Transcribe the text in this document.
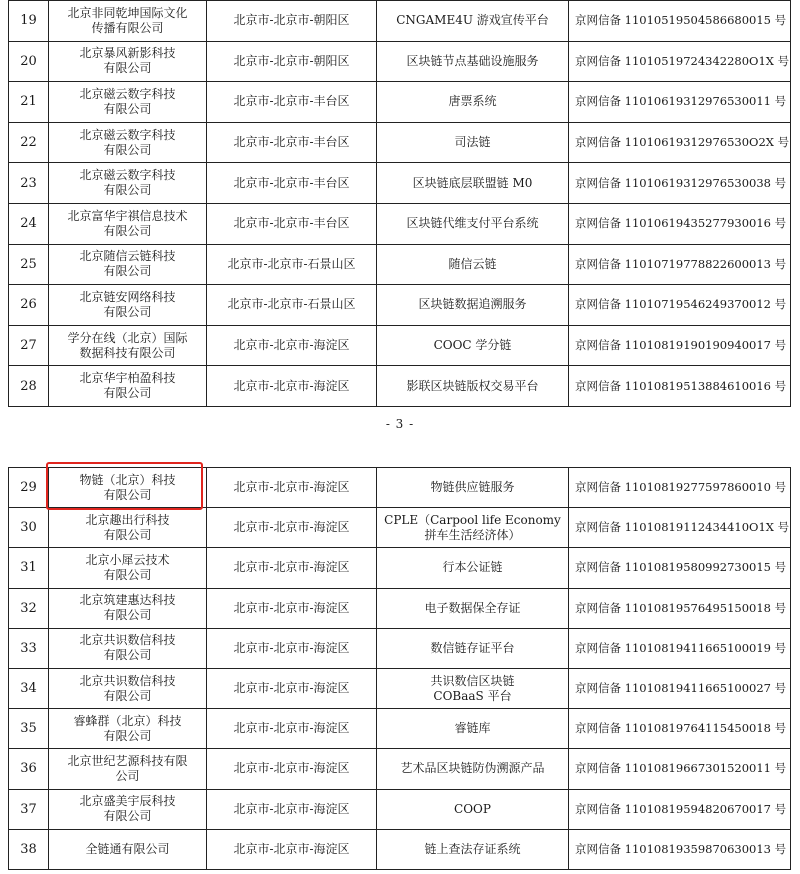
19	北京非同乾坤国际文化
传播有限公司	北京市-北京市-朝阳区	CNGAME4U 游戏宣传平台	京网信备 11010519504586680015 号
20	北京暴风新影科技
有限公司	北京市-北京市-朝阳区	区块链节点基础设施服务	京网信备 11010519724342280O1X 号
21	北京磁云数字科技
有限公司	北京市-北京市-丰台区	唐票系统	京网信备 11010619312976530011 号
22	北京磁云数字科技
有限公司	北京市-北京市-丰台区	司法链	京网信备 11010619312976530O2X 号
23	北京磁云数字科技
有限公司	北京市-北京市-丰台区	区块链底层联盟链 M0	京网信备 11010619312976530038 号
24	北京富华宇祺信息技术
有限公司	北京市-北京市-丰台区	区块链代维支付平台系统	京网信备 11010619435277930016 号
25	北京随信云链科技
有限公司	北京市-北京市-石景山区	随信云链	京网信备 11010719778822600013 号
26	北京链安网络科技
有限公司	北京市-北京市-石景山区	区块链数据追溯服务	京网信备 11010719546249370012 号
27	学分在线（北京）国际
数据科技有限公司	北京市-北京市-海淀区	COOC 学分链	京网信备 11010819190190940017 号
28	北京华宇柏盈科技
有限公司	北京市-北京市-海淀区	影联区块链版权交易平台	京网信备 11010819513884610016 号
- 3 -
29	物链（北京）科技
有限公司	北京市-北京市-海淀区	物链供应链服务	京网信备 11010819277597860010 号
30	北京趣出行科技
有限公司	北京市-北京市-海淀区	CPLE（Carpool life Economy
拼车生活经济体）	京网信备 11010819112434410O1X 号
31	北京小犀云技术
有限公司	北京市-北京市-海淀区	行本公证链	京网信备 11010819580992730015 号
32	北京筑建惠达科技
有限公司	北京市-北京市-海淀区	电子数据保全存证	京网信备 11010819576495150018 号
33	北京共识数信科技
有限公司	北京市-北京市-海淀区	数信链存证平台	京网信备 11010819411665100019 号
34	北京共识数信科技
有限公司	北京市-北京市-海淀区	共识数信区块链
COBaaS 平台	京网信备 11010819411665100027 号
35	睿蜂群（北京）科技
有限公司	北京市-北京市-海淀区	睿链库	京网信备 11010819764115450018 号
36	北京世纪艺源科技有限
公司	北京市-北京市-海淀区	艺术品区块链防伪溯源产品	京网信备 11010819667301520011 号
37	北京盛美宇辰科技
有限公司	北京市-北京市-海淀区	COOP	京网信备 11010819594820670017 号
38	全链通有限公司	北京市-北京市-海淀区	链上查法存证系统	京网信备 11010819359870630013 号
